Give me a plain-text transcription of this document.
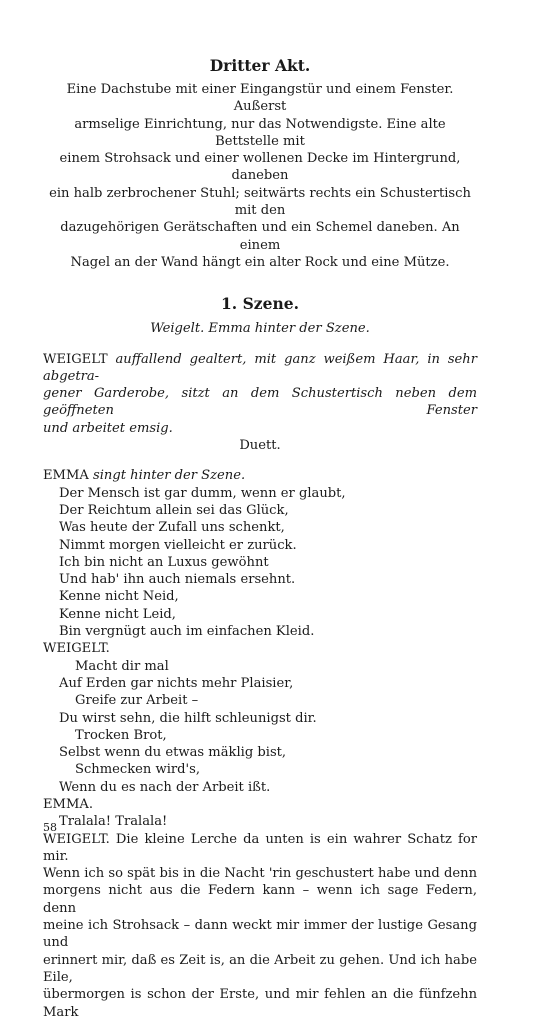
Dritter Akt.
Eine Dachstube mit einer Eingangstür und einem Fenster. Außerst
armselige Einrichtung, nur das Notwendigste. Eine alte Bettstelle mit
einem Strohsack und einer wollenen Decke im Hintergrund, daneben
ein halb zerbrochener Stuhl; seitwärts rechts ein Schustertisch mit den
dazugehörigen Gerätschaften und ein Schemel daneben. An einem
Nagel an der Wand hängt ein alter Rock und eine Mütze.
1. Szene.
Weigelt. Emma hinter der Szene.
WEIGELT auffallend gealtert, mit ganz weißem Haar, in sehr abgetra-
gener Garderobe, sitzt an dem Schustertisch neben dem geöffneten Fenster
und arbeitet emsig.
Duett.
EMMA singt hinter der Szene.
Der Mensch ist gar dumm, wenn er glaubt,
Der Reichtum allein sei das Glück,
Was heute der Zufall uns schenkt,
Nimmt morgen vielleicht er zurück.
Ich bin nicht an Luxus gewöhnt
Und hab' ihn auch niemals ersehnt.
Kenne nicht Neid,
Kenne nicht Leid,
Bin vergnügt auch im einfachen Kleid.
WEIGELT.
Macht dir mal
Auf Erden gar nichts mehr Plaisier,
Greife zur Arbeit –
Du wirst sehn, die hilft schleunigst dir.
Trocken Brot,
Selbst wenn du etwas mäklig bist,
Schmecken wird's,
Wenn du es nach der Arbeit ißt.
EMMA.
Tralala! Tralala!
WEIGELT. Die kleine Lerche da unten is ein wahrer Schatz for mir.
Wenn ich so spät bis in die Nacht 'rin geschustert habe und denn
morgens nicht aus die Federn kann – wenn ich sage Federn, denn
meine ich Strohsack – dann weckt mir immer der lustige Gesang und
erinnert mir, daß es Zeit is, an die Arbeit zu gehen. Und ich habe Eile,
übermorgen is schon der Erste, und mir fehlen an die fünfzehn Mark
58
